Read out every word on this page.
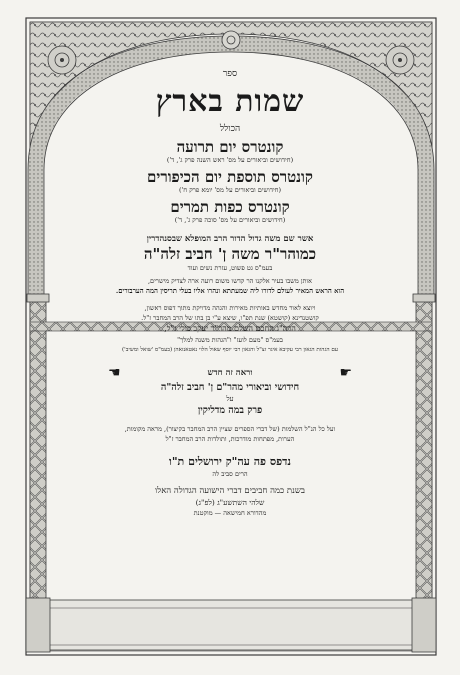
ספר
שמות בארץ
הכולל
קונטרס יום תרועה
(חידושים וביאורים על מס' ראש השנה פרק ג', ד')
קונטרס תוספת יום הכיפורים
(חידושים וביאורים על מס' יומא פרק ח')
קונטרס כפות תמרים
(חידושים וביאורים על מס' סוכה פרק ג', ד')
אשר שם משה גדול הדור הרב המופלא שבסנהדרין
כמוהר"ר משה ן' חביב זלה"ה
בעמ"ס גט פשוט, עזרת נשים ועוד
אותן משבו בעיר אלקנו הר קדשו משום רועה ארה לצדיק מישרים,
הוא הראש המאיר לעולם לדורו ליה שמעתתא ונהרו אליו בעלי תריסין המה הערבורים.
ויוצא לאור מחדש באותיות מאירות והגהה מדויקת מתוך דפוס ראשון,
קושטנדינא (קושטא) שנת תפ"ו, שיצא ע"י בן בתו של הרב המחבר ז"ל.
הרה"ג החכם השלם מהר"ר יעקב כולי ז"ל,
בעמ"ס "מעם לועז" ו"הגהות משנה למלך"
עם הגהות הגאון רבי עקיבא איגר זצ"ל והגאון רבי יוסף שאול הלוי נאטאנזאהן (בעמ"ס 'שואל ומשיב')
☛
וראה זה חדש
☚
חידושי וביאורי מהר"ם ן' חביב זלה"ה
על
פרק במה מדליקין
ועל כל הנ"ל השלמות (של דברי הספרים שציין הרב המחבר בקיצור), מראה מקומות,
הערות, מפתחות מודרכות, ותולדות הרב המחבר ז"ל
נדפס פה עה"ק ירושלים ת"ו
הרים סביב לה
בשנת כמה חביבים דברי הישועה הגדולה האלו
שלהי השתשע"ג (לפ"ג)
מהדורא חמישאה — מוקטנת
